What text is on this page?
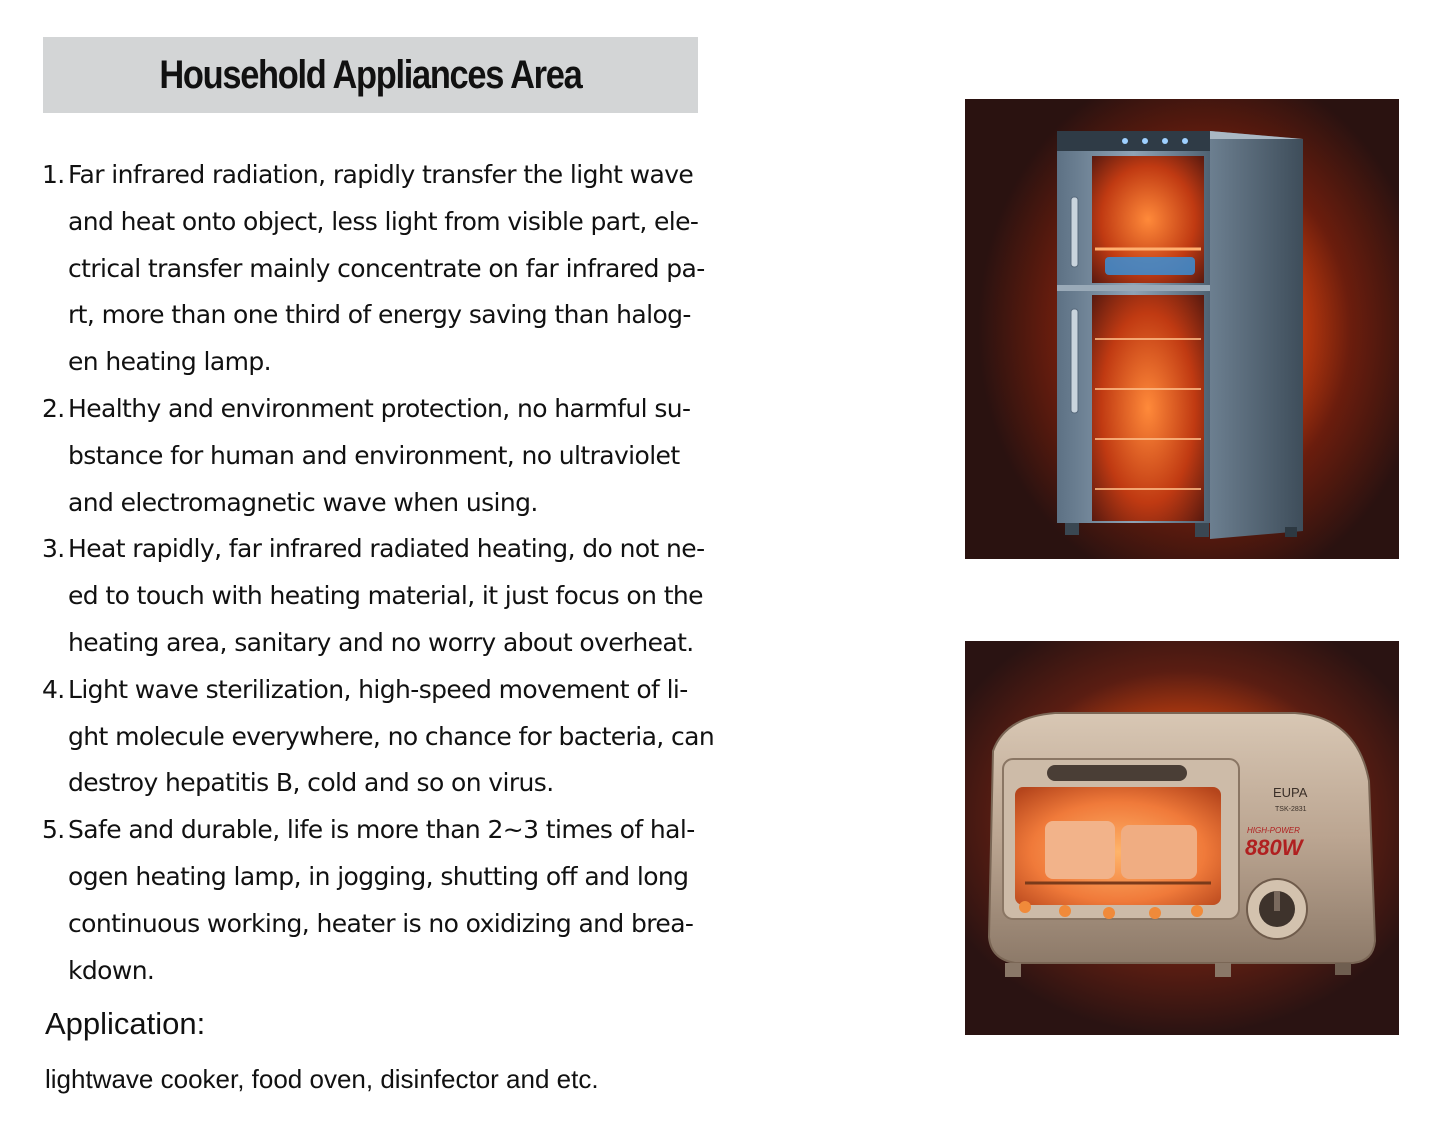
Household Appliances Area
1. Far infrared radiation, rapidly transfer the light wave
and heat onto object, less light from visible part, ele-
ctrical transfer mainly concentrate on far infrared pa-
rt, more than one third of energy saving than halog-
en heating lamp.
2. Healthy and environment protection, no harmful su-
bstance for human and environment, no ultraviolet
and electromagnetic wave when using.
3. Heat rapidly, far infrared radiated heating, do not ne-
ed to touch with heating material, it just focus on the
heating area, sanitary and no worry about overheat.
4. Light wave sterilization, high-speed movement of li-
ght molecule everywhere, no chance for bacteria, can
destroy hepatitis B, cold and so on virus.
5. Safe and durable, life is more than 2~3 times of hal-
ogen heating lamp, in jogging, shutting off and long
continuous working, heater is no oxidizing and brea-
kdown.
Application:
lightwave cooker, food oven, disinfector and etc.
EUPA
TSK-2831
HIGH-POWER
880W
